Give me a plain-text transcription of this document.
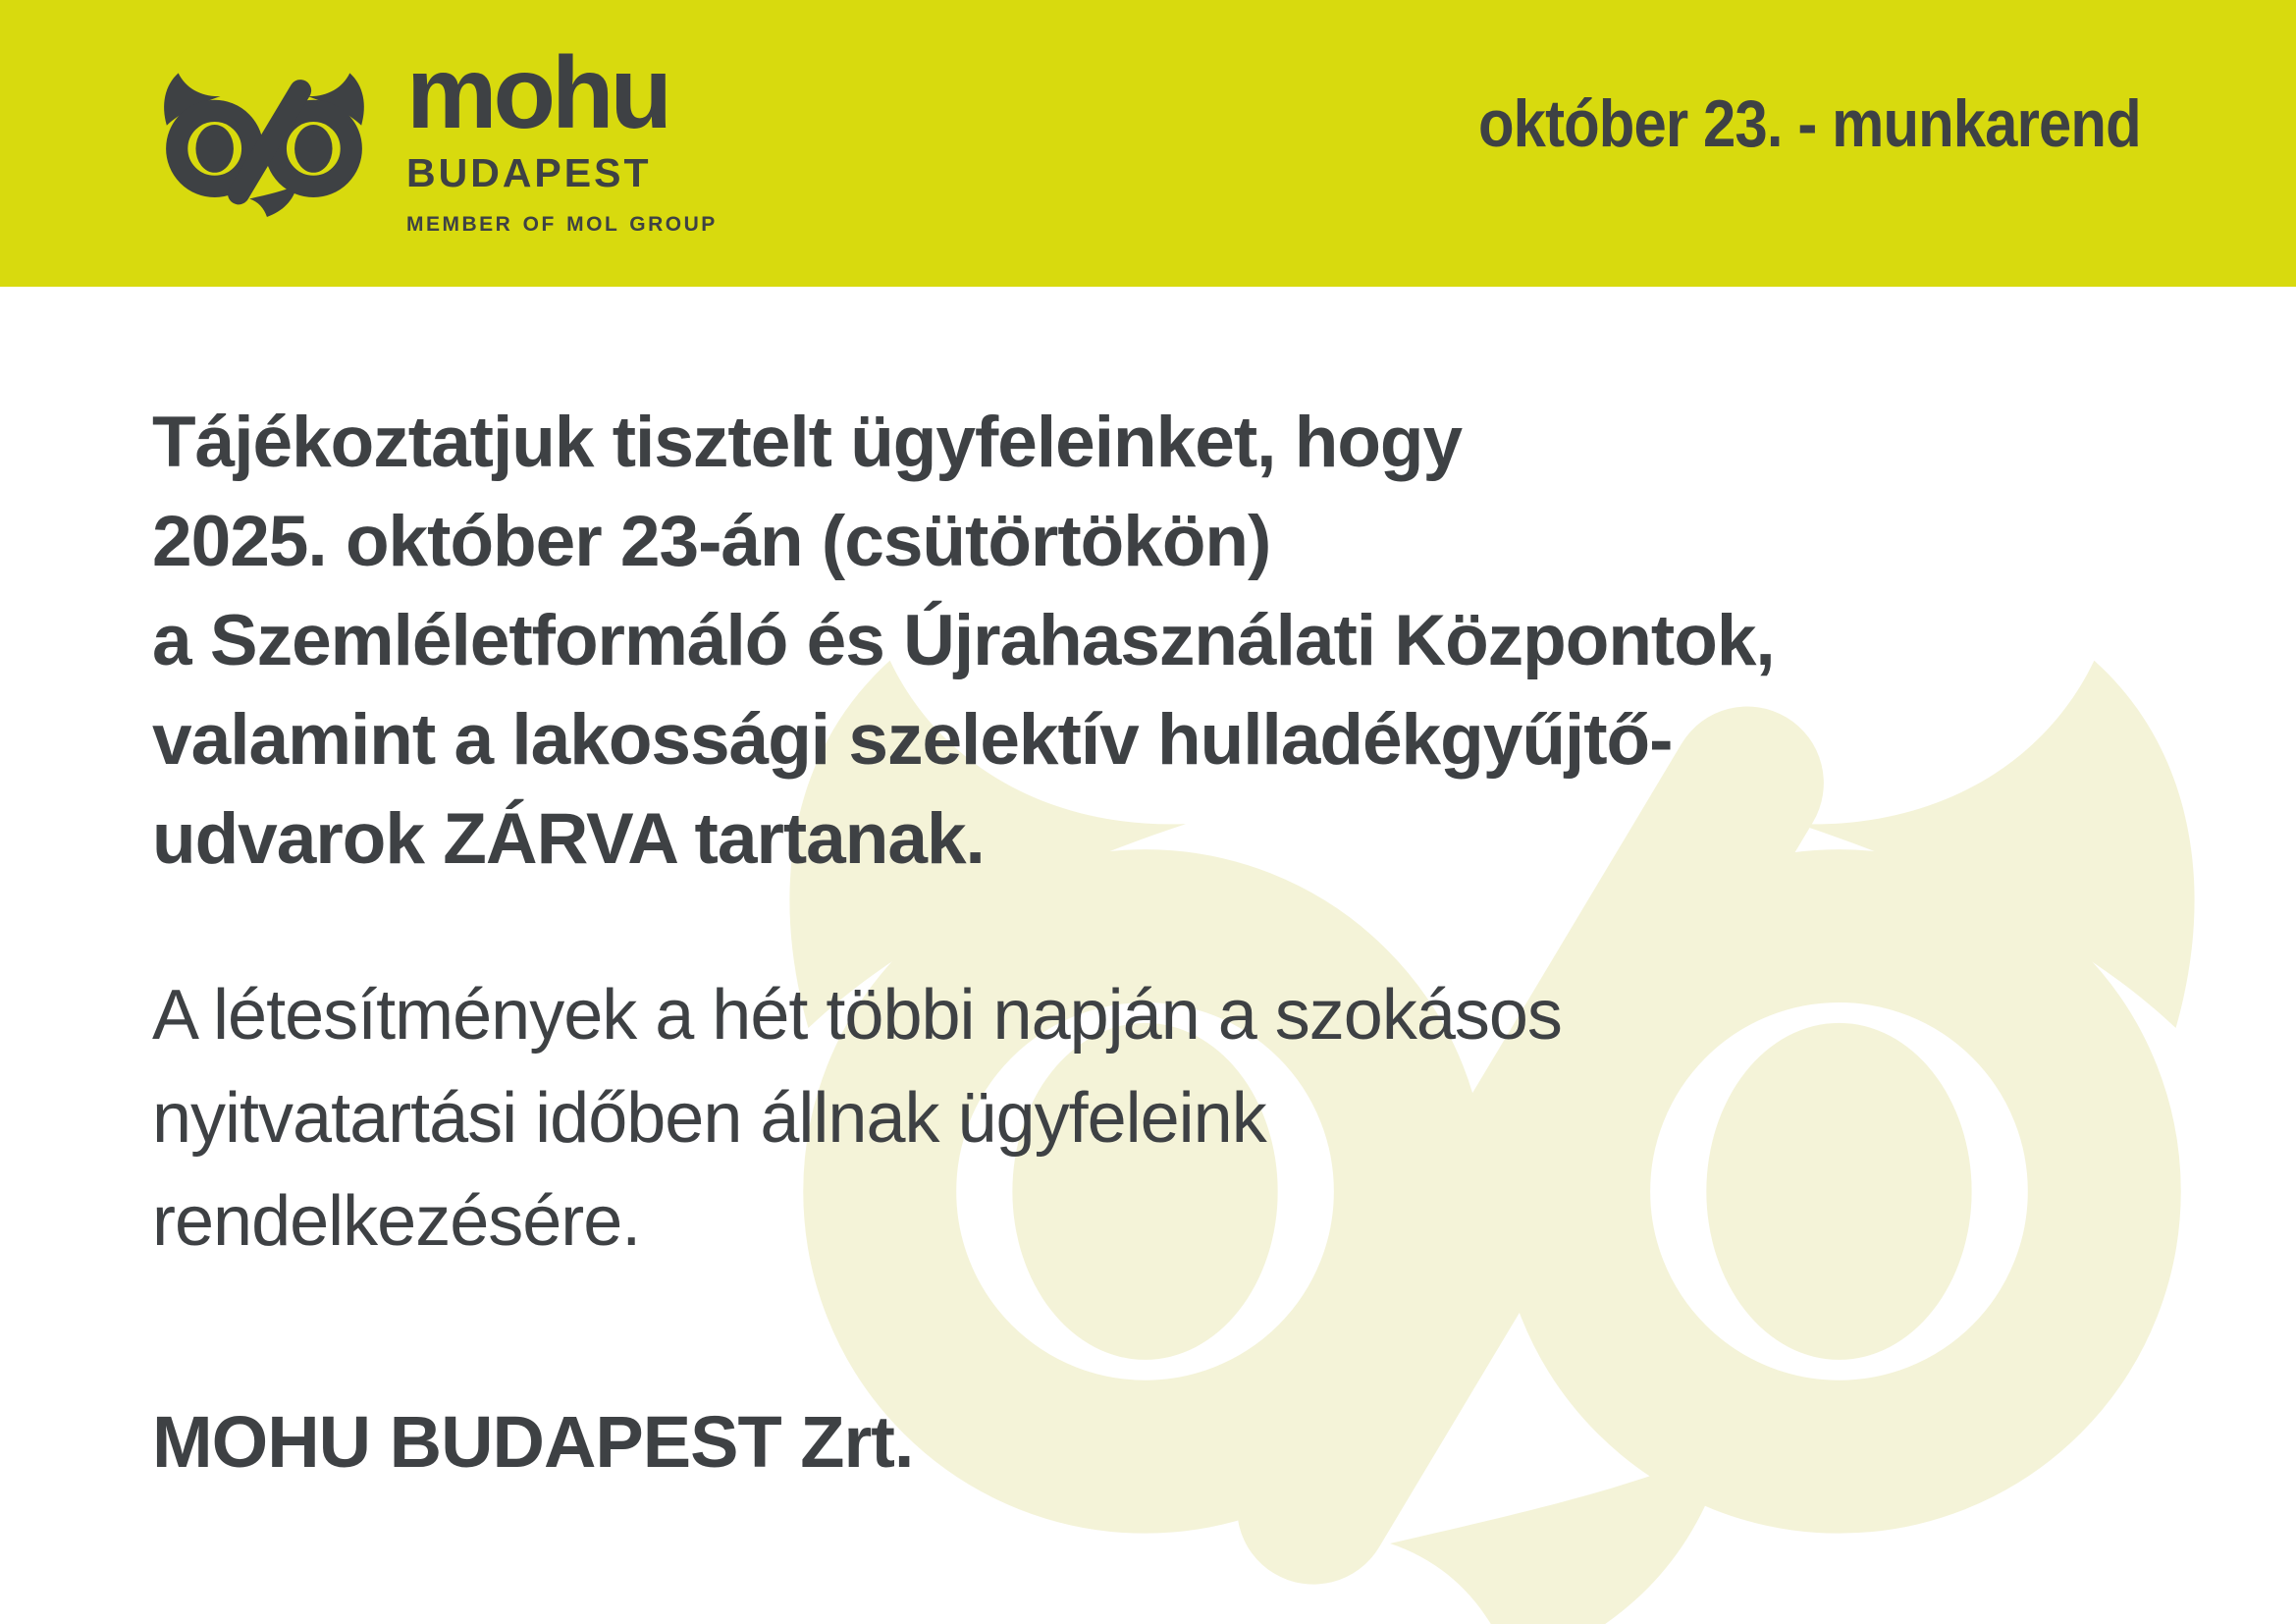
mohu
BUDAPEST
MEMBER OF MOL GROUP
október 23. - munkarend
Tájékoztatjuk tisztelt ügyfeleinket, hogy
2025. október 23-án (csütörtökön)
a Szemléletformáló és Újrahasználati Központok,
valamint a lakossági szelektív hulladékgyűjtő-
udvarok ZÁRVA tartanak.
A létesítmények a hét többi napján a szokásos
nyitvatartási időben állnak ügyfeleink
rendelkezésére.
MOHU BUDAPEST Zrt.
